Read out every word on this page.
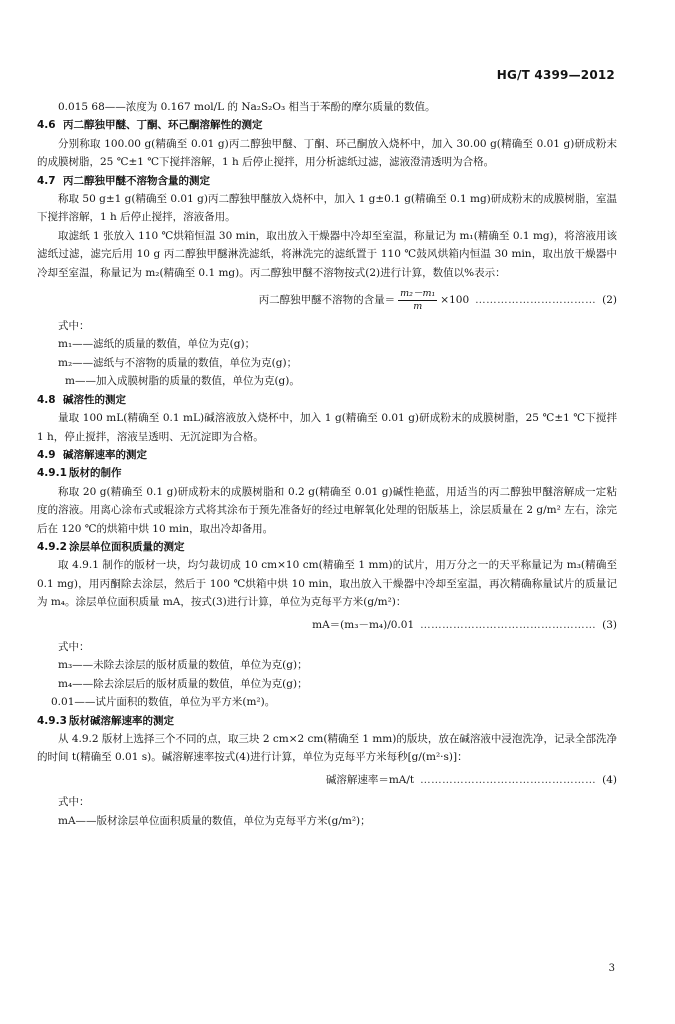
HG/T 4399—2012

0.015 68——浓度为 0.167 mol/L 的 Na₂S₂O₃ 相当于苯酚的摩尔质量的数值。

4.6 丙二醇独甲醚、丁酮、环己酮溶解性的测定

分别称取 100.00 g(精确至 0.01 g)丙二醇独甲醚、丁酮、环己酮放入烧杯中，加入 30.00 g(精确至 0.01 g)研成粉末的成膜树脂，25 ℃±1 ℃下搅拌溶解，1 h 后停止搅拌，用分析滤纸过滤，滤液澄清透明为合格。

4.7 丙二醇独甲醚不溶物含量的测定

称取 50 g±1 g(精确至 0.01 g)丙二醇独甲醚放入烧杯中，加入 1 g±0.1 g(精确至 0.1 mg)研成粉末的成膜树脂，室温下搅拌溶解，1 h 后停止搅拌，溶液备用。

取滤纸 1 张放入 110 ℃烘箱恒温 30 min，取出放入干燥器中冷却至室温，称量记为 m₁(精确至 0.1 mg)，将溶液用该滤纸过滤，滤完后用 10 g 丙二醇独甲醚淋洗滤纸，将淋洗完的滤纸置于 110 ℃鼓风烘箱内恒温 30 min，取出放干燥器中冷却至室温，称量记为 m₂(精确至 0.1 mg)。丙二醇独甲醚不溶物按式(2)进行计算，数值以%表示：

丙二醇独甲醚不溶物的含量＝ $\frac{\text{m₂－m₁}}{m} \times 100$ …………………………… (2)
式中：
m₁——滤纸的质量的数值，单位为克(g)；
m₂——滤纸与不溶物的质量的数值，单位为克(g)；
m——加入成膜树脂的质量的数值，单位为克(g)。
4.8 碱溶性的测定

量取 100 mL(精确至 0.1 mL)碱溶液放入烧杯中，加入 1 g(精确至 0.01 g)研成粉末的成膜树脂，25 ℃±1 ℃下搅拌 1 h，停止搅拌，溶液呈透明、无沉淀即为合格。

4.9 碱溶解速率的测定
4.9.1 版材的制作

称取 20 g(精确至 0.1 g)研成粉末的成膜树脂和 0.2 g(精确至 0.01 g)碱性艳蓝，用适当的丙二醇独甲醚溶解成一定粘度的溶液。用离心涂布式或辊涂方式将其涂布于预先准备好的经过电解氧化处理的铝版基上，涂层质量在 2 g/m² 左右，涂完后在 120 ℃的烘箱中烘 10 min，取出冷却备用。

4.9.2 涂层单位面积质量的测定

取 4.9.1 制作的版材一块，均匀裁切成 10 cm×10 cm(精确至 1 mm)的试片，用万分之一的天平称量记为 m₃(精确至 0.1 mg)，用丙酮除去涂层，然后于 100 ℃烘箱中烘 10 min，取出放入干燥器中冷却至室温，再次精确称量试片的质量记为 m₄。涂层单位面积质量 mA，按式(3)进行计算，单位为克每平方米(g/m²)：

mA＝(m₃－m₄)/0.01 ………………………………………… (3)
式中：
m₃——未除去涂层的版材质量的数值，单位为克(g)；
m₄——除去涂层后的版材质量的数值，单位为克(g)；
0.01——试片面积的数值，单位为平方米(m²)。
4.9.3 版材碱溶解速率的测定

从 4.9.2 版材上选择三个不同的点，取三块 2 cm×2 cm(精确至 1 mm)的版块，放在碱溶液中浸泡洗净，记录全部洗净的时间 t(精确至 0.01 s)。碱溶解速率按式(4)进行计算，单位为克每平方米每秒[g/(m²·s)]：

碱溶解速率＝mA/t ………………………………………… (4)
式中：
mA——版材涂层单位面积质量的数值，单位为克每平方米(g/m²)；
3
